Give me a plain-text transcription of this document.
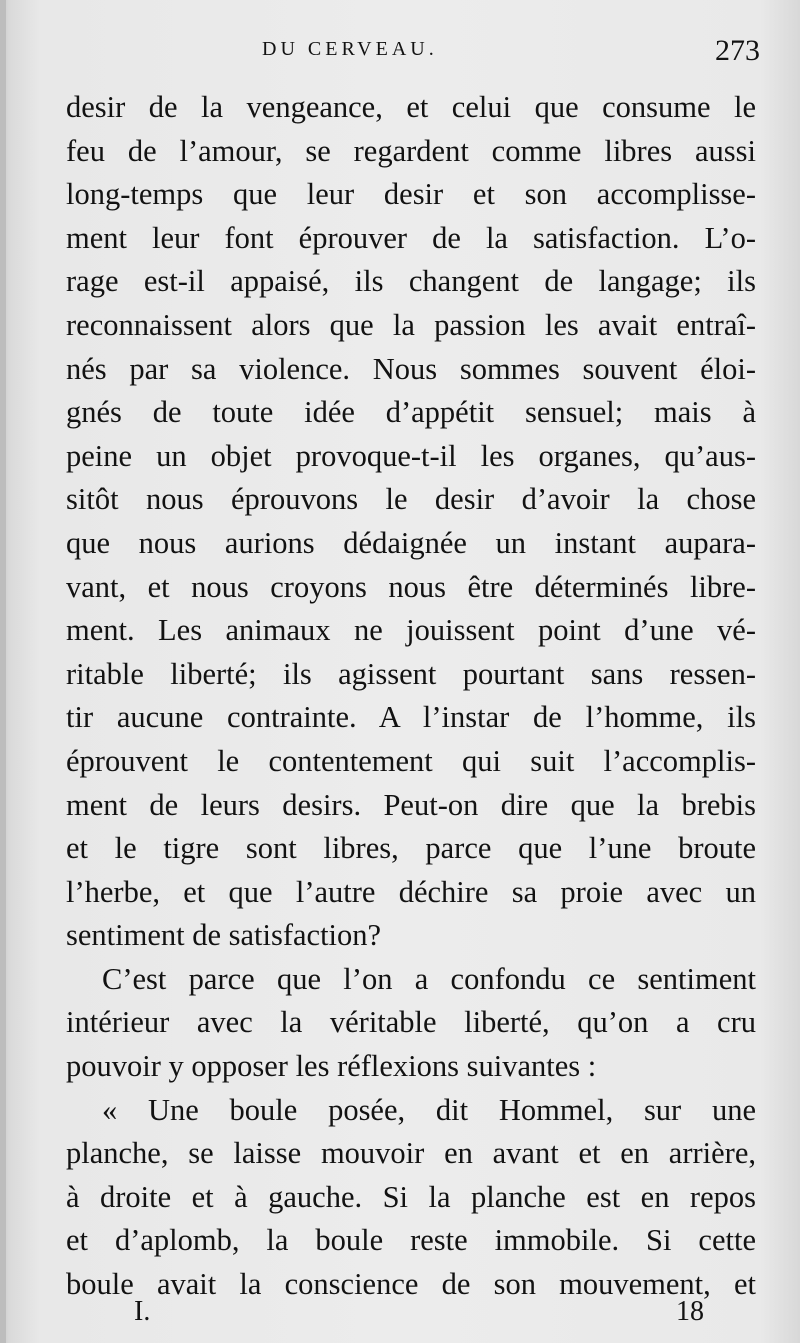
DU CERVEAU.	273
desir de la vengeance, et celui que consume le
feu de l’amour, se regardent comme libres aussi
long-temps que leur desir et son accomplisse-
ment leur font éprouver de la satisfaction. L’o-
rage est-il appaisé, ils changent de langage; ils
reconnaissent alors que la passion les avait entraî-
nés par sa violence. Nous sommes souvent éloi-
gnés de toute idée d’appétit sensuel; mais à
peine un objet provoque-t-il les organes, qu’aus-
sitôt nous éprouvons le desir d’avoir la chose
que nous aurions dédaignée un instant aupara-
vant, et nous croyons nous être déterminés libre-
ment. Les animaux ne jouissent point d’une vé-
ritable liberté; ils agissent pourtant sans ressen-
tir aucune contrainte. A l’instar de l’homme, ils
éprouvent le contentement qui suit l’accomplis-
ment de leurs desirs. Peut-on dire que la brebis
et le tigre sont libres, parce que l’une broute
l’herbe, et que l’autre déchire sa proie avec un
sentiment de satisfaction?
C’est parce que l’on a confondu ce sentiment
intérieur avec la véritable liberté, qu’on a cru
pouvoir y opposer les réflexions suivantes :
« Une boule posée, dit Hommel, sur une
planche, se laisse mouvoir en avant et en arrière,
à droite et à gauche. Si la planche est en repos
et d’aplomb, la boule reste immobile. Si cette
boule avait la conscience de son mouvement, et
I.	18
